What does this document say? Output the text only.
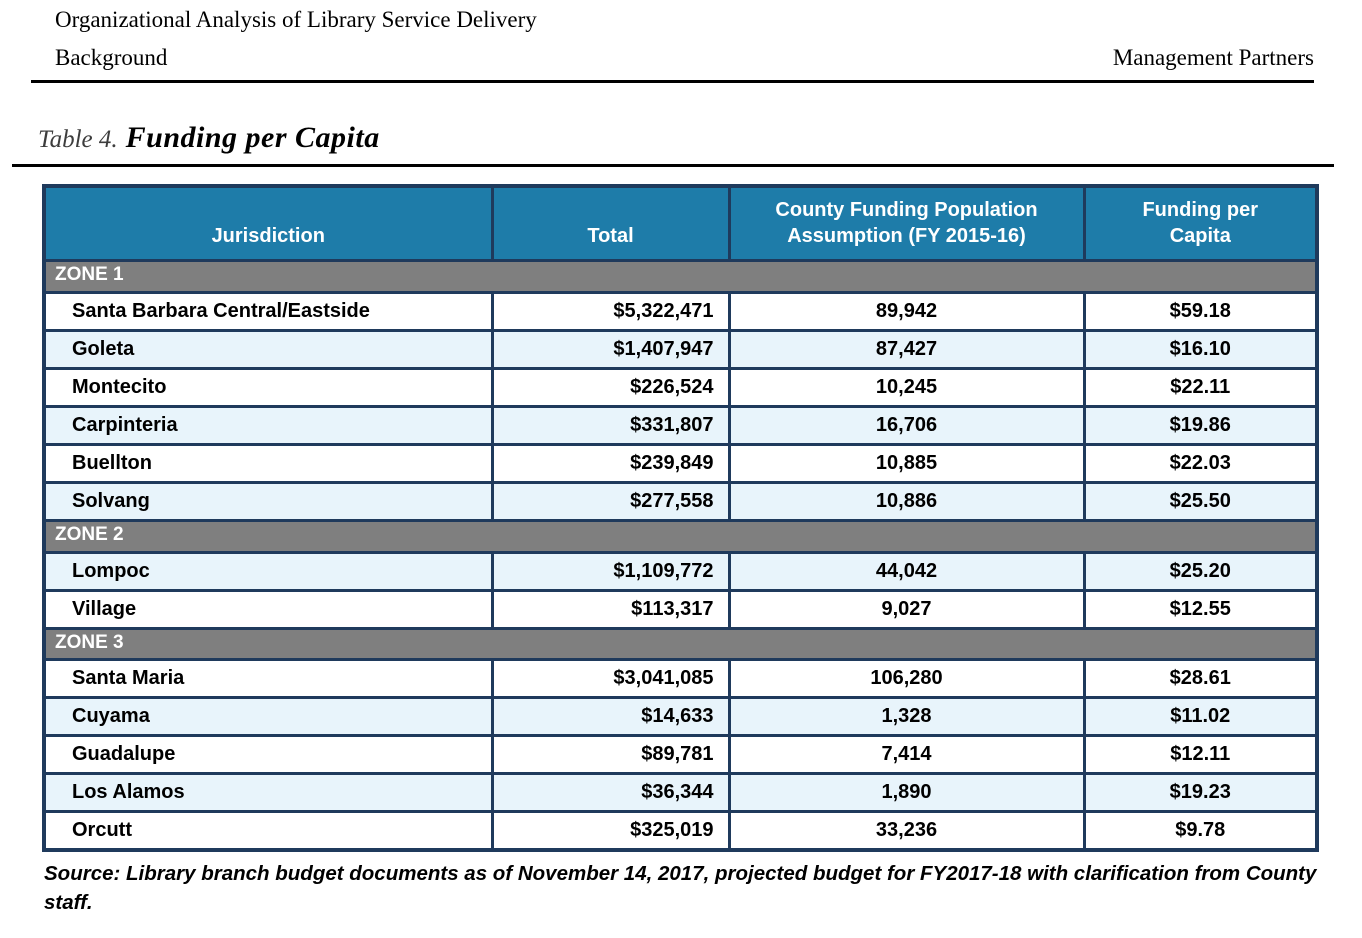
Organizational Analysis of Library Service Delivery
Background	Management Partners
Table 4. Funding per Capita
Jurisdiction	Total	County Funding Population Assumption (FY 2015-16)	Funding per Capita
ZONE 1			
Santa Barbara Central/Eastside	$5,322,471	89,942	$59.18
Goleta	$1,407,947	87,427	$16.10
Montecito	$226,524	10,245	$22.11
Carpinteria	$331,807	16,706	$19.86
Buellton	$239,849	10,885	$22.03
Solvang	$277,558	10,886	$25.50
ZONE 2			
Lompoc	$1,109,772	44,042	$25.20
Village	$113,317	9,027	$12.55
ZONE 3			
Santa Maria	$3,041,085	106,280	$28.61
Cuyama	$14,633	1,328	$11.02
Guadalupe	$89,781	7,414	$12.11
Los Alamos	$36,344	1,890	$19.23
Orcutt	$325,019	33,236	$9.78

Source: Library branch budget documents as of November 14, 2017, projected budget for FY2017-18 with clarification from County staff.
